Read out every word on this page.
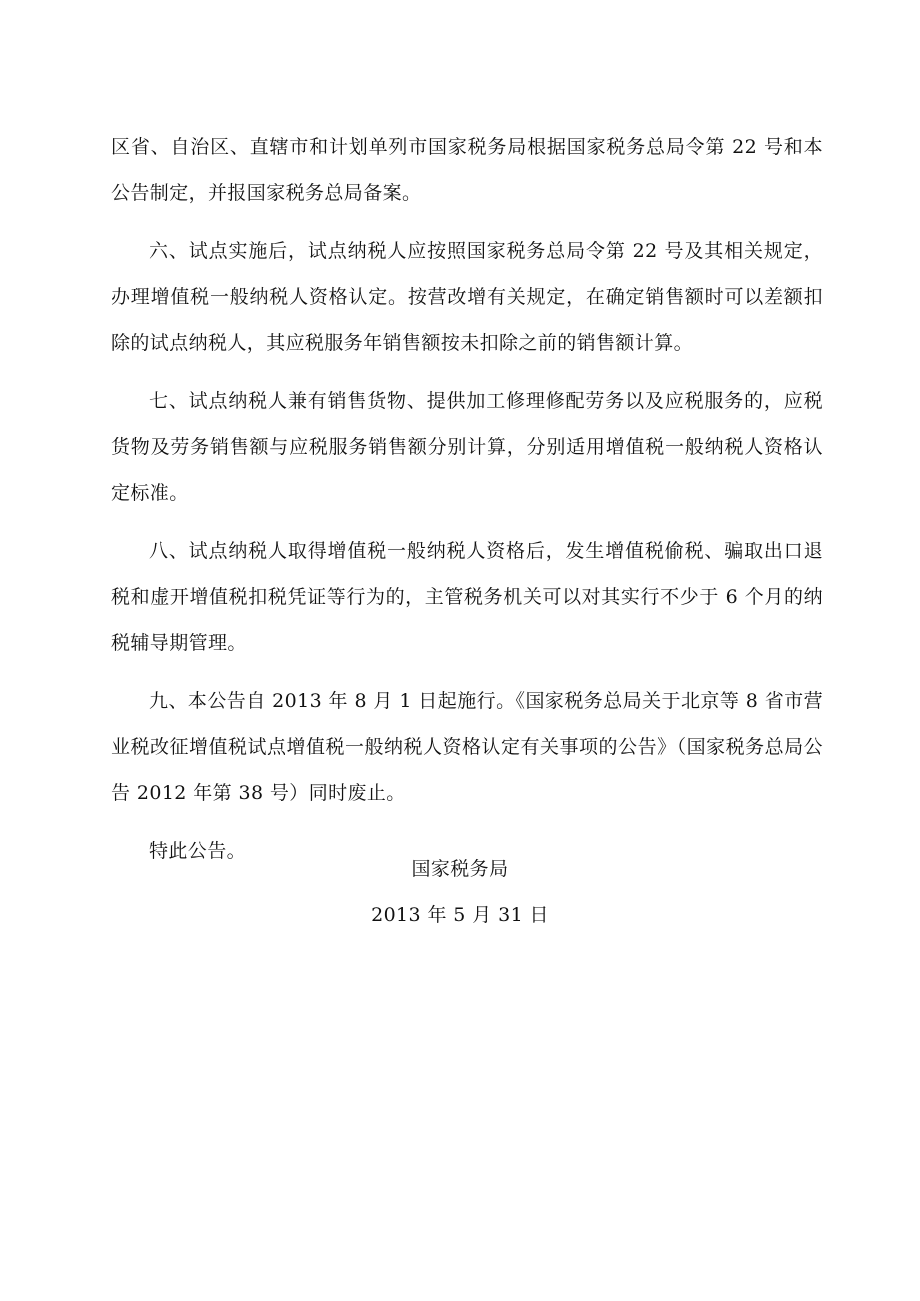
区省、自治区、直辖市和计划单列市国家税务局根据国家税务总局令第 22 号和本公告制定，并报国家税务总局备案。

六、试点实施后，试点纳税人应按照国家税务总局令第 22 号及其相关规定，办理增值税一般纳税人资格认定。按营改增有关规定，在确定销售额时可以差额扣除的试点纳税人，其应税服务年销售额按未扣除之前的销售额计算。

七、试点纳税人兼有销售货物、提供加工修理修配劳务以及应税服务的，应税货物及劳务销售额与应税服务销售额分别计算，分别适用增值税一般纳税人资格认定标准。

八、试点纳税人取得增值税一般纳税人资格后，发生增值税偷税、骗取出口退税和虚开增值税扣税凭证等行为的，主管税务机关可以对其实行不少于 6 个月的纳税辅导期管理。

九、本公告自 2013 年 8 月 1 日起施行。《国家税务总局关于北京等 8 省市营业税改征增值税试点增值税一般纳税人资格认定有关事项的公告》（国家税务总局公告 2012 年第 38 号）同时废止。

特此公告。

国家税务局
2013 年 5 月 31 日
